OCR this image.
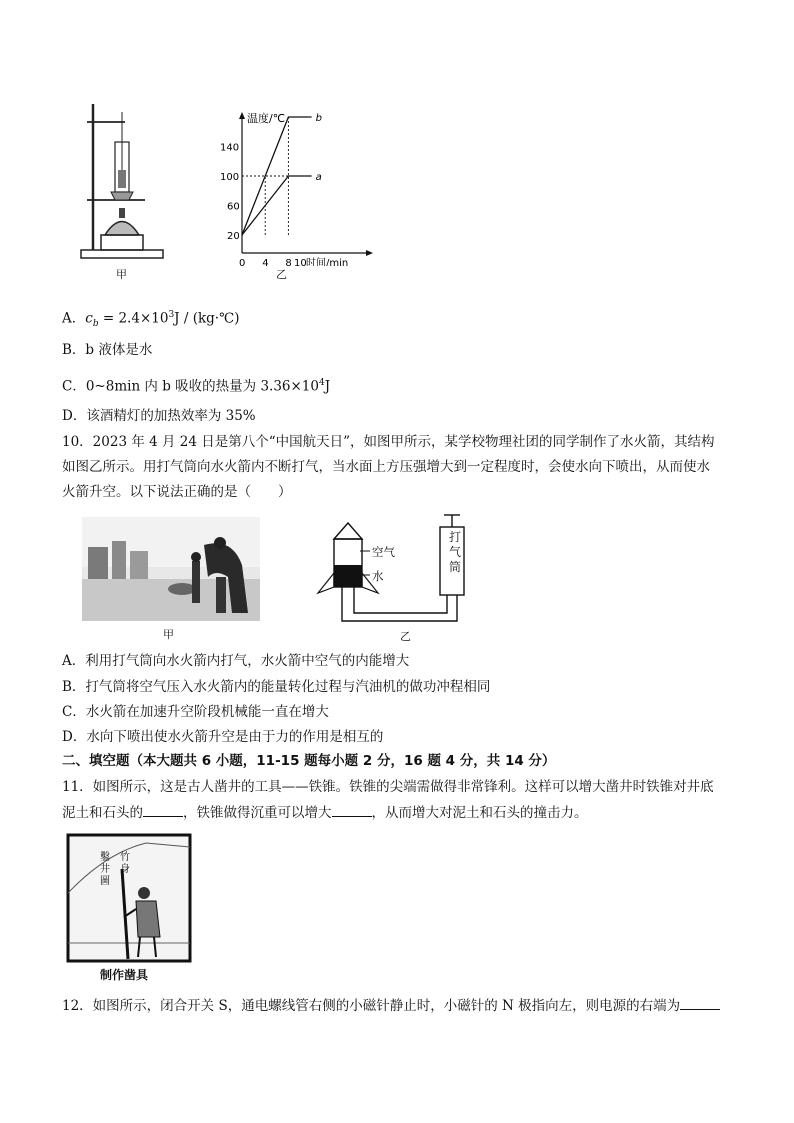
甲
a
b
0 4 8 10
20
60
100
140
温度/℃
时间/min
乙
A．$c_b = 2.4\times 10^3J$ / (kg·℃)
B．b 液体是水
C．0~8min 内 b 吸收的热量为 $3.36\times 10^4J$
D．该酒精灯的加热效率为 35%
10．2023 年 4 月 24 日是第八个“中国航天日”，如图甲所示，某学校物理社团的同学制作了水火箭，其结构
如图乙所示。用打气筒向水火箭内不断打气，当水面上方压强增大到一定程度时，会使水向下喷出，从而使水
火箭升空。以下说法正确的是（　　）
甲
空气
水
打气筒
乙
A．利用打气筒向水火箭内打气，水火箭中空气的内能增大
B．打气筒将空气压入水火箭内的能量转化过程与汽油机的做功冲程相同
C．水火箭在加速升空阶段机械能一直在增大
D．水向下喷出使水火箭升空是由于力的作用是相互的
二、填空题（本大题共 6 小题，11-15 题每小题 2 分，16 题 4 分，共 14 分）
11．如图所示，这是古人凿井的工具——铁锥。铁锥的尖端需做得非常锋利。这样可以增大凿井时铁锥对井底
泥土和石头的	，铁锥做得沉重可以增大	，从而增大对泥土和石头的撞击力。
鑿井圖
竹身
制作凿具
12．如图所示，闭合开关 S，通电螺线管右侧的小磁针静止时，小磁针的 N 极指向左，则电源的右端为
